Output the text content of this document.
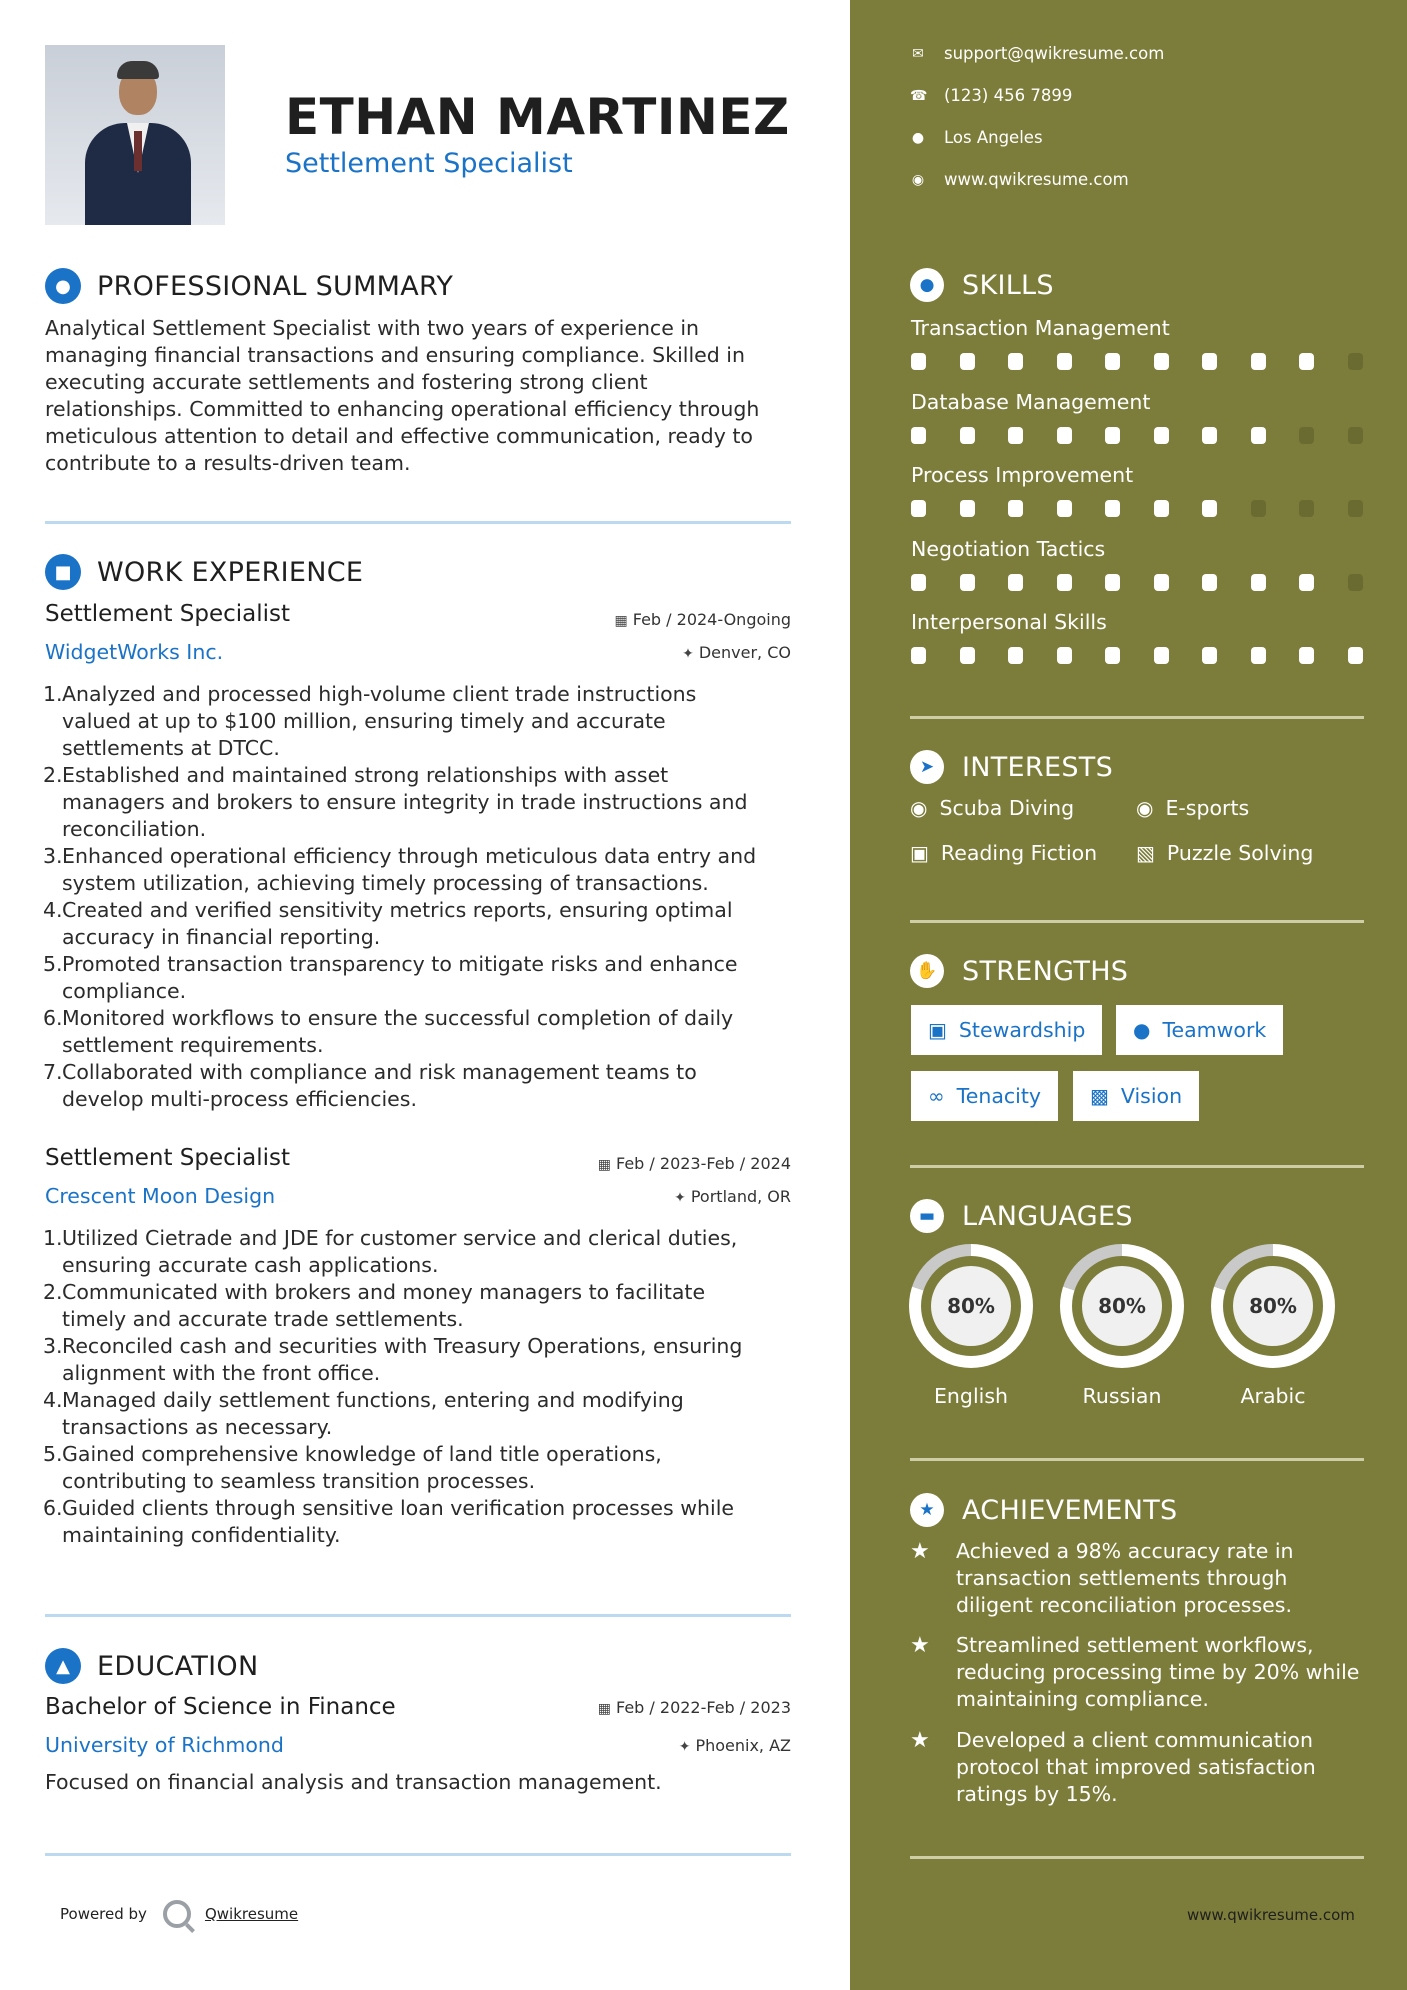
ETHAN MARTINEZ
Settlement Specialist
● PROFESSIONAL SUMMARY
Analytical Settlement Specialist with two years of experience in
managing financial transactions and ensuring compliance. Skilled in
executing accurate settlements and fostering strong client
relationships. Committed to enhancing operational efficiency through
meticulous attention to detail and effective communication, ready to
contribute to a results-driven team.
■ WORK EXPERIENCE
Settlement Specialist	▦ Feb / 2024-Ongoing
WidgetWorks Inc.	✦ Denver, CO
1. Analyzed and processed high-volume client trade instructions
valued at up to $100 million, ensuring timely and accurate
settlements at DTCC.
2. Established and maintained strong relationships with asset
managers and brokers to ensure integrity in trade instructions and
reconciliation.
3. Enhanced operational efficiency through meticulous data entry and
system utilization, achieving timely processing of transactions.
4. Created and verified sensitivity metrics reports, ensuring optimal
accuracy in financial reporting.
5. Promoted transaction transparency to mitigate risks and enhance
compliance.
6. Monitored workflows to ensure the successful completion of daily
settlement requirements.
7. Collaborated with compliance and risk management teams to
develop multi-process efficiencies.
Settlement Specialist	▦ Feb / 2023-Feb / 2024
Crescent Moon Design	✦ Portland, OR
1. Utilized Cietrade and JDE for customer service and clerical duties,
ensuring accurate cash applications.
2. Communicated with brokers and money managers to facilitate
timely and accurate trade settlements.
3. Reconciled cash and securities with Treasury Operations, ensuring
alignment with the front office.
4. Managed daily settlement functions, entering and modifying
transactions as necessary.
5. Gained comprehensive knowledge of land title operations,
contributing to seamless transition processes.
6. Guided clients through sensitive loan verification processes while
maintaining confidentiality.
▲	EDUCATION
Bachelor of Science in Finance	▦ Feb / 2022-Feb / 2023
University of Richmond	✦ Phoenix, AZ
Focused on financial analysis and transaction management.
Powered by	Qwikresume
✉ support@qwikresume.com
☎ (123) 456 7899
● Los Angeles
◉ www.qwikresume.com
●	SKILLS
Transaction Management
Database Management
Process Improvement
Negotiation Tactics
Interpersonal Skills
➤	INTERESTS
◉ Scuba Diving	◉ E-sports
▣ Reading Fiction ▧ Puzzle Solving
✋ STRENGTHS
▣ Stewardship ● Teamwork
∞ Tenacity ▩ Vision
▬ LANGUAGES
80%
English
80%
Russian
80%
Arabic
★	ACHIEVEMENTS
★	Achieved a 98% accuracy rate in
transaction settlements through
diligent reconciliation processes.
★	Streamlined settlement workflows,
reducing processing time by 20% while
maintaining compliance.
★	Developed a client communication
protocol that improved satisfaction
ratings by 15%.
www.qwikresume.com
